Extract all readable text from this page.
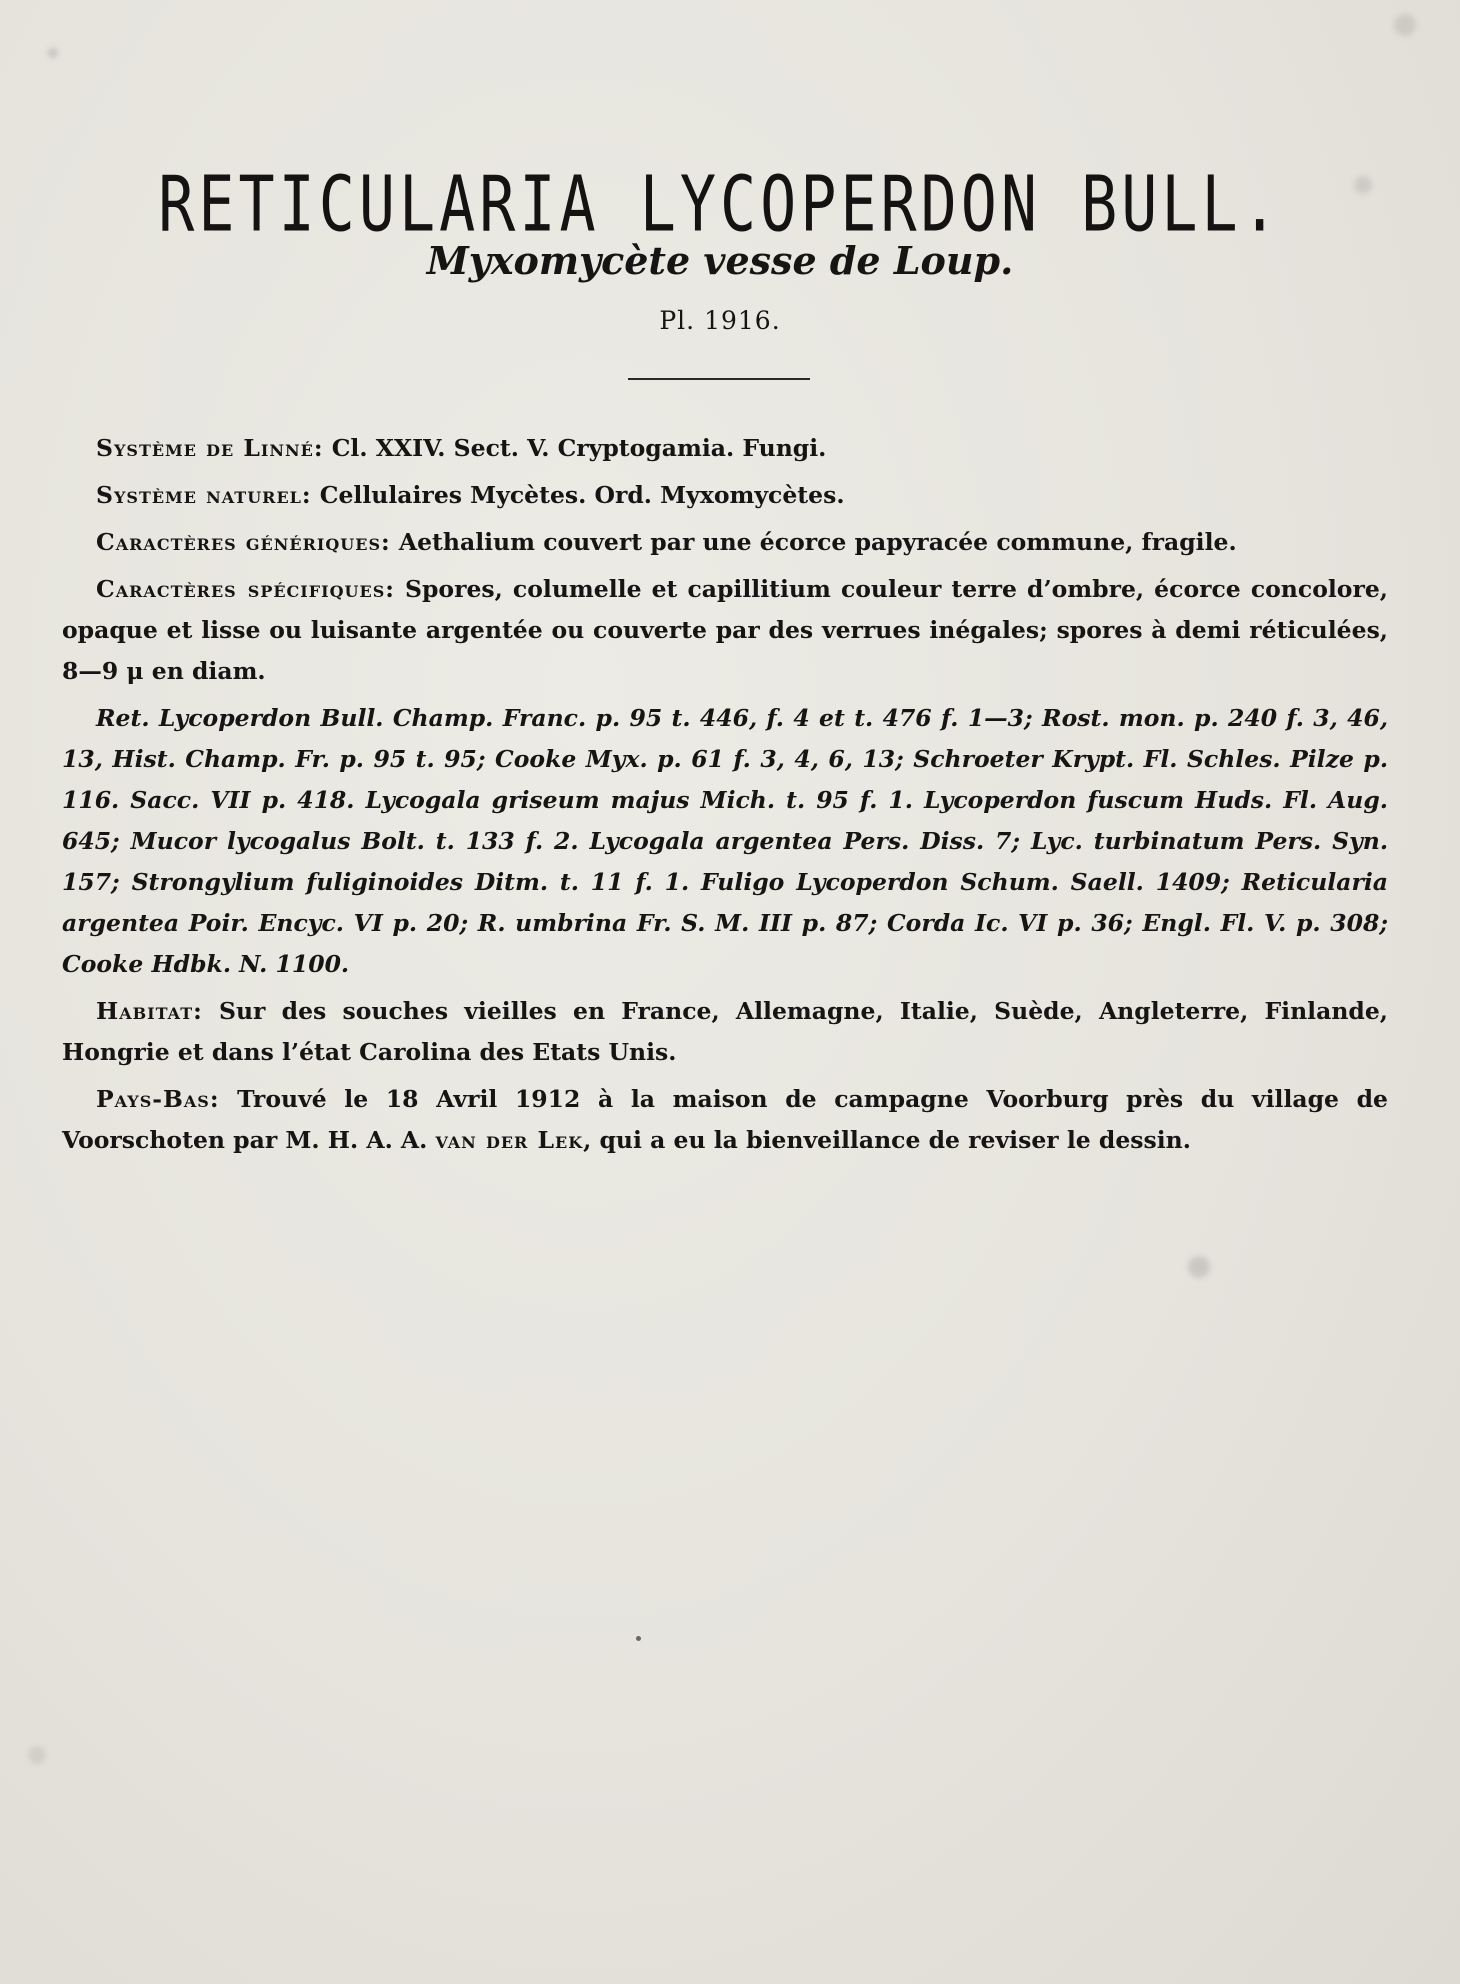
RETICULARIA LYCOPERDON BULL.
Myxomycète vesse de Loup.
Pl. 1916.

Système de Linné: Cl. XXIV. Sect. V. Cryptogamia. Fungi.

Système naturel: Cellulaires Mycètes. Ord. Myxomycètes.

Caractères génériques: Aethalium couvert par une écorce papyracée commune, fragile.

Caractères spécifiques: Spores, columelle et capillitium couleur terre d’ombre, écorce concolore, opaque et lisse ou luisante argentée ou couverte par des verrues inégales; spores à demi réticulées, 8—9 μ en diam.

Ret. Lycoperdon Bull. Champ. Franc. p. 95 t. 446, f. 4 et t. 476 f. 1—3; Rost. mon. p. 240 f. 3, 46, 13, Hist. Champ. Fr. p. 95 t. 95; Cooke Myx. p. 61 f. 3, 4, 6, 13; Schroeter Krypt. Fl. Schles. Pilze p. 116. Sacc. VII p. 418. Lycogala griseum majus Mich. t. 95 f. 1. Lycoperdon fuscum Huds. Fl. Aug. 645; Mucor lycogalus Bolt. t. 133 f. 2. Lycogala argentea Pers. Diss. 7; Lyc. turbinatum Pers. Syn. 157; Strongylium fuliginoides Ditm. t. 11 f. 1. Fuligo Lycoperdon Schum. Saell. 1409; Reticularia argentea Poir. Encyc. VI p. 20; R. umbrina Fr. S. M. III p. 87; Corda Ic. VI p. 36; Engl. Fl. V. p. 308; Cooke Hdbk. N. 1100.

Habitat: Sur des souches vieilles en France, Allemagne, Italie, Suède, Angleterre, Finlande, Hongrie et dans l’état Carolina des Etats Unis.

Pays-Bas: Trouvé le 18 Avril 1912 à la maison de campagne Voorburg près du village de Voorschoten par M. H. A. A. van der Lek, qui a eu la bienveillance de reviser le dessin.
